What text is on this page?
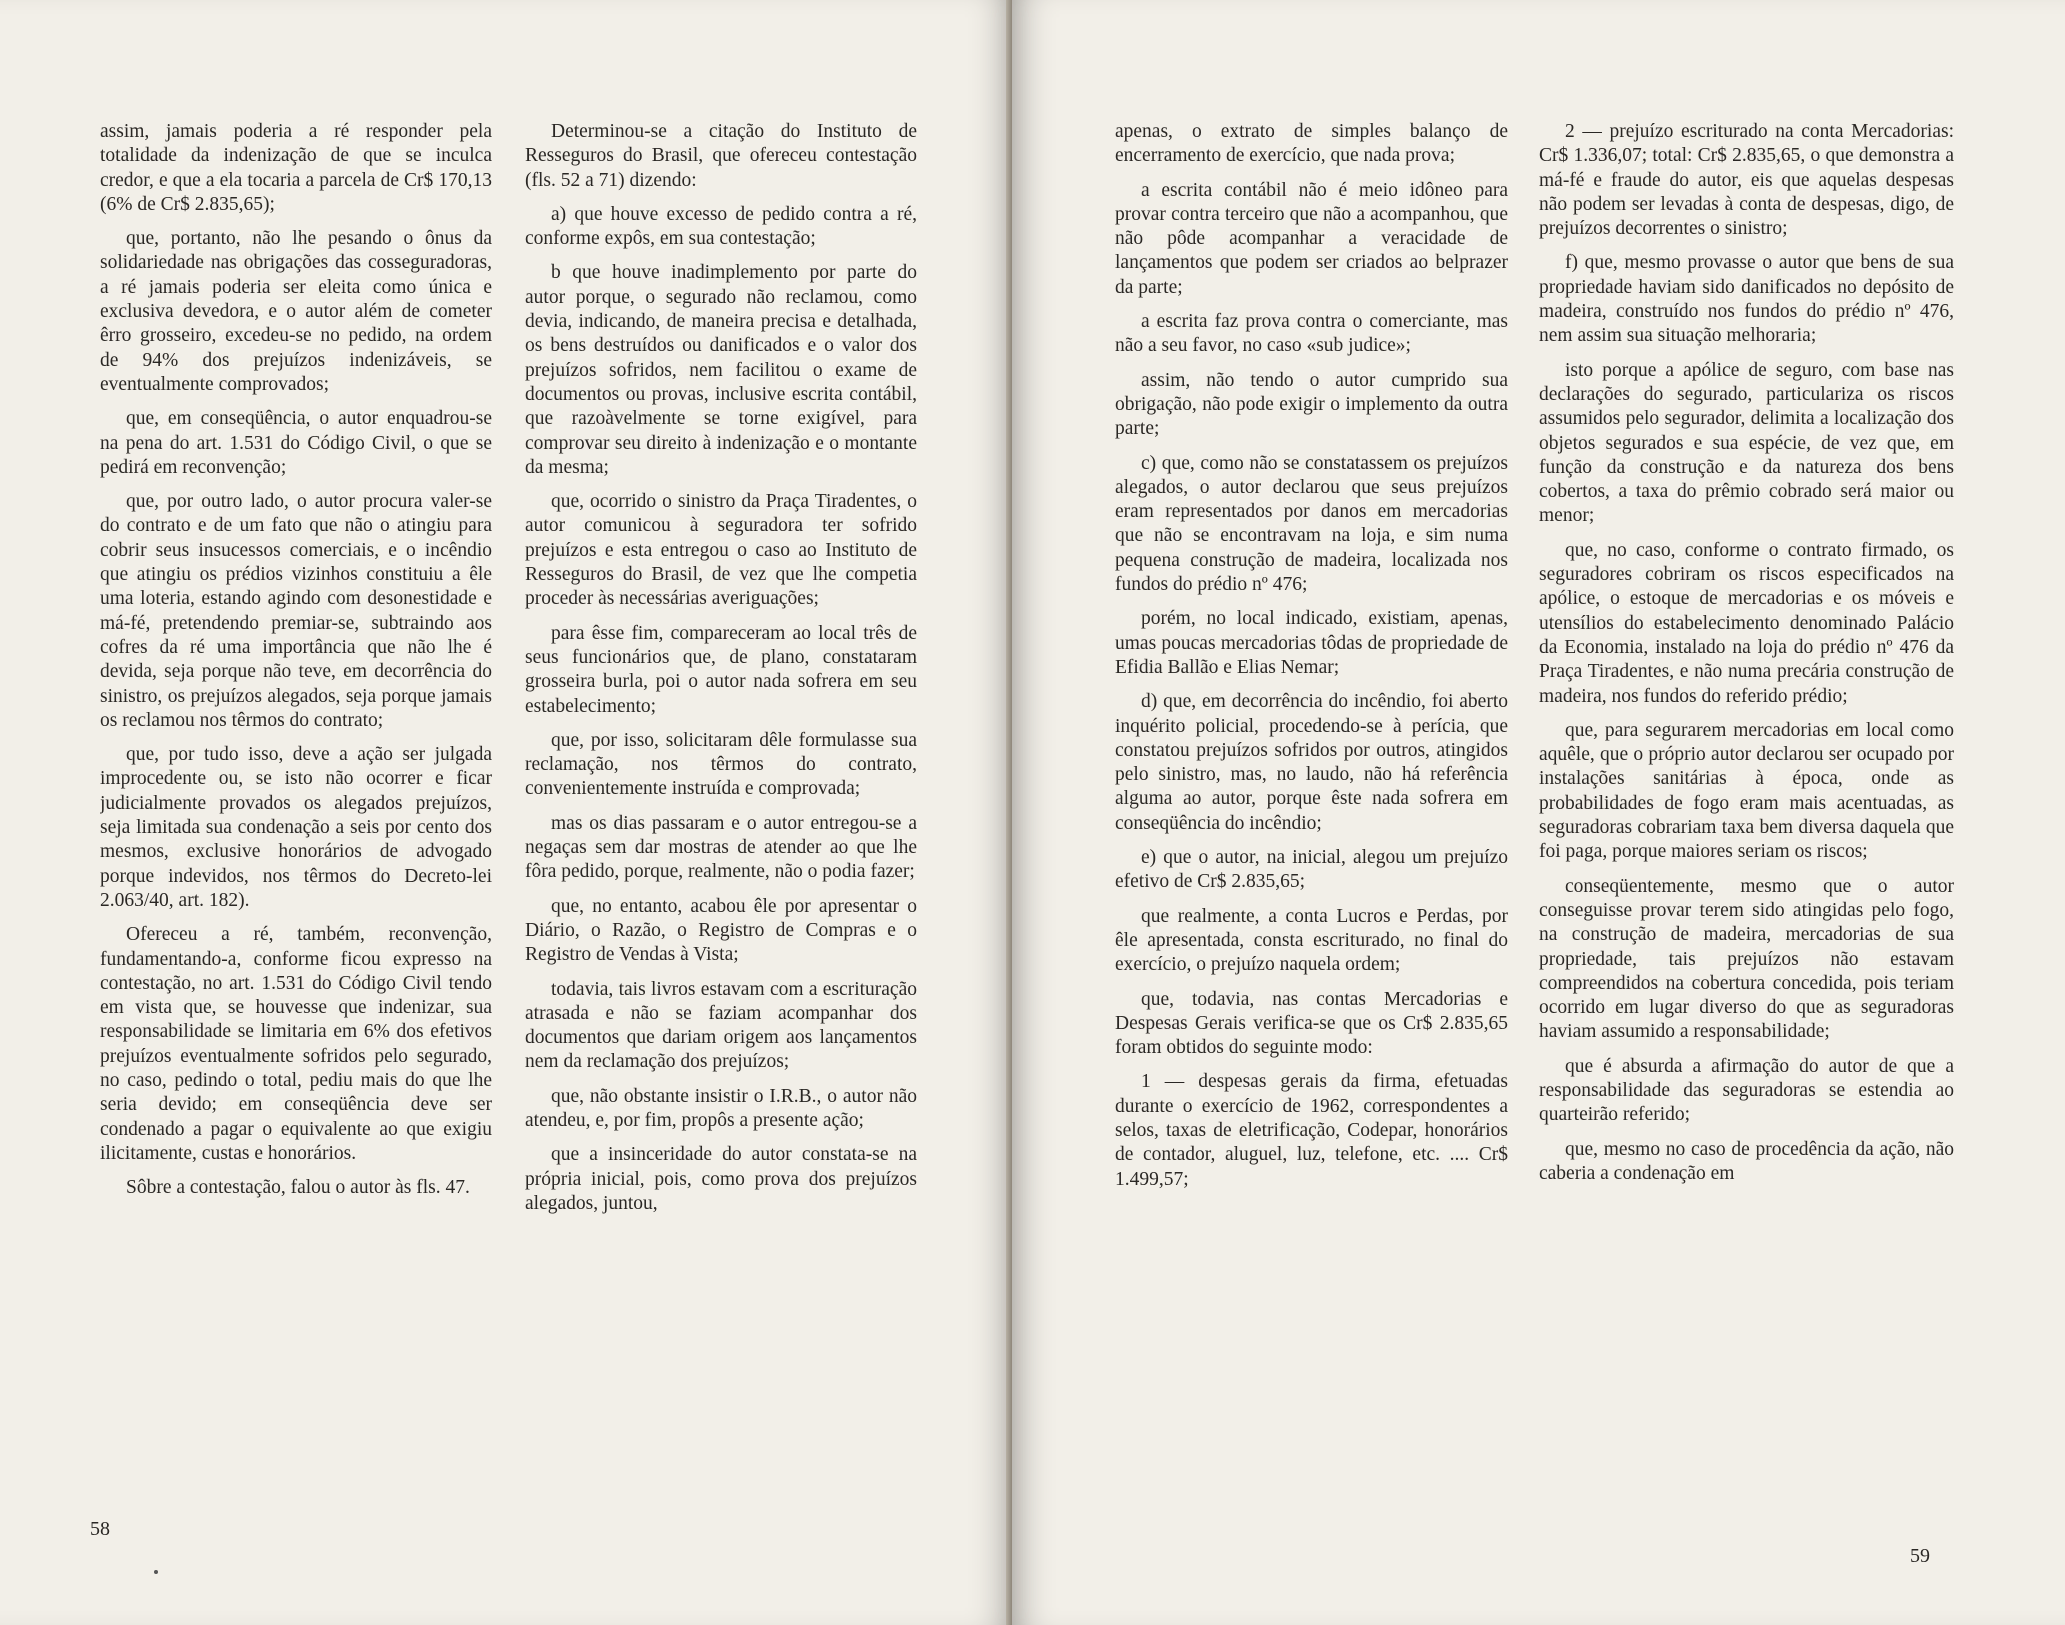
assim, jamais poderia a ré responder pela totalidade da indenização de que se inculca credor, e que a ela tocaria a parcela de Cr$ 170,13 (6% de Cr$ 2.835,65);

que, portanto, não lhe pesando o ônus da solidariedade nas obrigações das cosseguradoras, a ré jamais poderia ser eleita como única e exclusiva devedora, e o autor além de cometer êrro grosseiro, excedeu-se no pedido, na ordem de 94% dos prejuízos indenizáveis, se eventualmente comprovados;

que, em conseqüência, o autor enquadrou-se na pena do art. 1.531 do Código Civil, o que se pedirá em reconvenção;

que, por outro lado, o autor procura valer-se do contrato e de um fato que não o atingiu para cobrir seus insucessos comerciais, e o incêndio que atingiu os prédios vizinhos constituiu a êle uma loteria, estando agindo com desonestidade e má-fé, pretendendo premiar-se, subtraindo aos cofres da ré uma importância que não lhe é devida, seja porque não teve, em decorrência do sinistro, os prejuízos alegados, seja porque jamais os reclamou nos têrmos do contrato;

que, por tudo isso, deve a ação ser julgada improcedente ou, se isto não ocorrer e ficar judicialmente provados os alegados prejuízos, seja limitada sua condenação a seis por cento dos mesmos, exclusive honorários de advogado porque indevidos, nos têrmos do Decreto-lei 2.063/40, art. 182).

Ofereceu a ré, também, reconvenção, fundamentando-a, conforme ficou expresso na contestação, no art. 1.531 do Código Civil tendo em vista que, se houvesse que indenizar, sua responsabilidade se limitaria em 6% dos efetivos prejuízos eventualmente sofridos pelo segurado, no caso, pedindo o total, pediu mais do que lhe seria devido; em conseqüência deve ser condenado a pagar o equivalente ao que exigiu ilicitamente, custas e honorários.

Sôbre a contestação, falou o autor às fls. 47.

Determinou-se a citação do Instituto de Resseguros do Brasil, que ofereceu contestação (fls. 52 a 71) dizendo:

a) que houve excesso de pedido contra a ré, conforme expôs, em sua contestação;

b que houve inadimplemento por parte do autor porque, o segurado não reclamou, como devia, indicando, de maneira precisa e detalhada, os bens destruídos ou danificados e o valor dos prejuízos sofridos, nem facilitou o exame de documentos ou provas, inclusive escrita contábil, que razoàvelmente se torne exigível, para comprovar seu direito à indenização e o montante da mesma;

que, ocorrido o sinistro da Praça Tiradentes, o autor comunicou à seguradora ter sofrido prejuízos e esta entregou o caso ao Instituto de Resseguros do Brasil, de vez que lhe competia proceder às necessárias averiguações;

para êsse fim, compareceram ao local três de seus funcionários que, de plano, constataram grosseira burla, poi o autor nada sofrera em seu estabelecimento;

que, por isso, solicitaram dêle formulasse sua reclamação, nos têrmos do contrato, convenientemente instruída e comprovada;

mas os dias passaram e o autor entregou-se a negaças sem dar mostras de atender ao que lhe fôra pedido, porque, realmente, não o podia fazer;

que, no entanto, acabou êle por apresentar o Diário, o Razão, o Registro de Compras e o Registro de Vendas à Vista;

todavia, tais livros estavam com a escrituração atrasada e não se faziam acompanhar dos documentos que dariam origem aos lançamentos nem da reclamação dos prejuízos;

que, não obstante insistir o I.R.B., o autor não atendeu, e, por fim, propôs a presente ação;

que a insinceridade do autor constata-se na própria inicial, pois, como prova dos prejuízos alegados, juntou,

58

apenas, o extrato de simples balanço de encerramento de exercício, que nada prova;

a escrita contábil não é meio idôneo para provar contra terceiro que não a acompanhou, que não pôde acompanhar a veracidade de lançamentos que podem ser criados ao belprazer da parte;

a escrita faz prova contra o comerciante, mas não a seu favor, no caso «sub judice»;

assim, não tendo o autor cumprido sua obrigação, não pode exigir o implemento da outra parte;

c) que, como não se constatassem os prejuízos alegados, o autor declarou que seus prejuízos eram representados por danos em mercadorias que não se encontravam na loja, e sim numa pequena construção de madeira, localizada nos fundos do prédio nº 476;

porém, no local indicado, existiam, apenas, umas poucas mercadorias tôdas de propriedade de Efidia Ballão e Elias Nemar;

d) que, em decorrência do incêndio, foi aberto inquérito policial, procedendo-se à perícia, que constatou prejuízos sofridos por outros, atingidos pelo sinistro, mas, no laudo, não há referência alguma ao autor, porque êste nada sofrera em conseqüência do incêndio;

e) que o autor, na inicial, alegou um prejuízo efetivo de Cr$ 2.835,65;

que realmente, a conta Lucros e Perdas, por êle apresentada, consta escriturado, no final do exercício, o prejuízo naquela ordem;

que, todavia, nas contas Mercadorias e Despesas Gerais verifica-se que os Cr$ 2.835,65 foram obtidos do seguinte modo:

1 — despesas gerais da firma, efetuadas durante o exercício de 1962, correspondentes a selos, taxas de eletrificação, Codepar, honorários de contador, aluguel, luz, telefone, etc. .... Cr$ 1.499,57;

2 — prejuízo escriturado na conta Mercadorias: Cr$ 1.336,07; total: Cr$ 2.835,65, o que demonstra a má-fé e fraude do autor, eis que aquelas despesas não podem ser levadas à conta de despesas, digo, de prejuízos decorrentes o sinistro;

f) que, mesmo provasse o autor que bens de sua propriedade haviam sido danificados no depósito de madeira, construído nos fundos do prédio nº 476, nem assim sua situação melhoraria;

isto porque a apólice de seguro, com base nas declarações do segurado, particulariza os riscos assumidos pelo segurador, delimita a localização dos objetos segurados e sua espécie, de vez que, em função da construção e da natureza dos bens cobertos, a taxa do prêmio cobrado será maior ou menor;

que, no caso, conforme o contrato firmado, os seguradores cobriram os riscos especificados na apólice, o estoque de mercadorias e os móveis e utensílios do estabelecimento denominado Palácio da Economia, instalado na loja do prédio nº 476 da Praça Tiradentes, e não numa precária construção de madeira, nos fundos do referido prédio;

que, para segurarem mercadorias em local como aquêle, que o próprio autor declarou ser ocupado por instalações sanitárias à época, onde as probabilidades de fogo eram mais acentuadas, as seguradoras cobrariam taxa bem diversa daquela que foi paga, porque maiores seriam os riscos;

conseqüentemente, mesmo que o autor conseguisse provar terem sido atingidas pelo fogo, na construção de madeira, mercadorias de sua propriedade, tais prejuízos não estavam compreendidos na cobertura concedida, pois teriam ocorrido em lugar diverso do que as seguradoras haviam assumido a responsabilidade;

que é absurda a afirmação do autor de que a responsabilidade das seguradoras se estendia ao quarteirão referido;

que, mesmo no caso de procedência da ação, não caberia a condenação em

59
